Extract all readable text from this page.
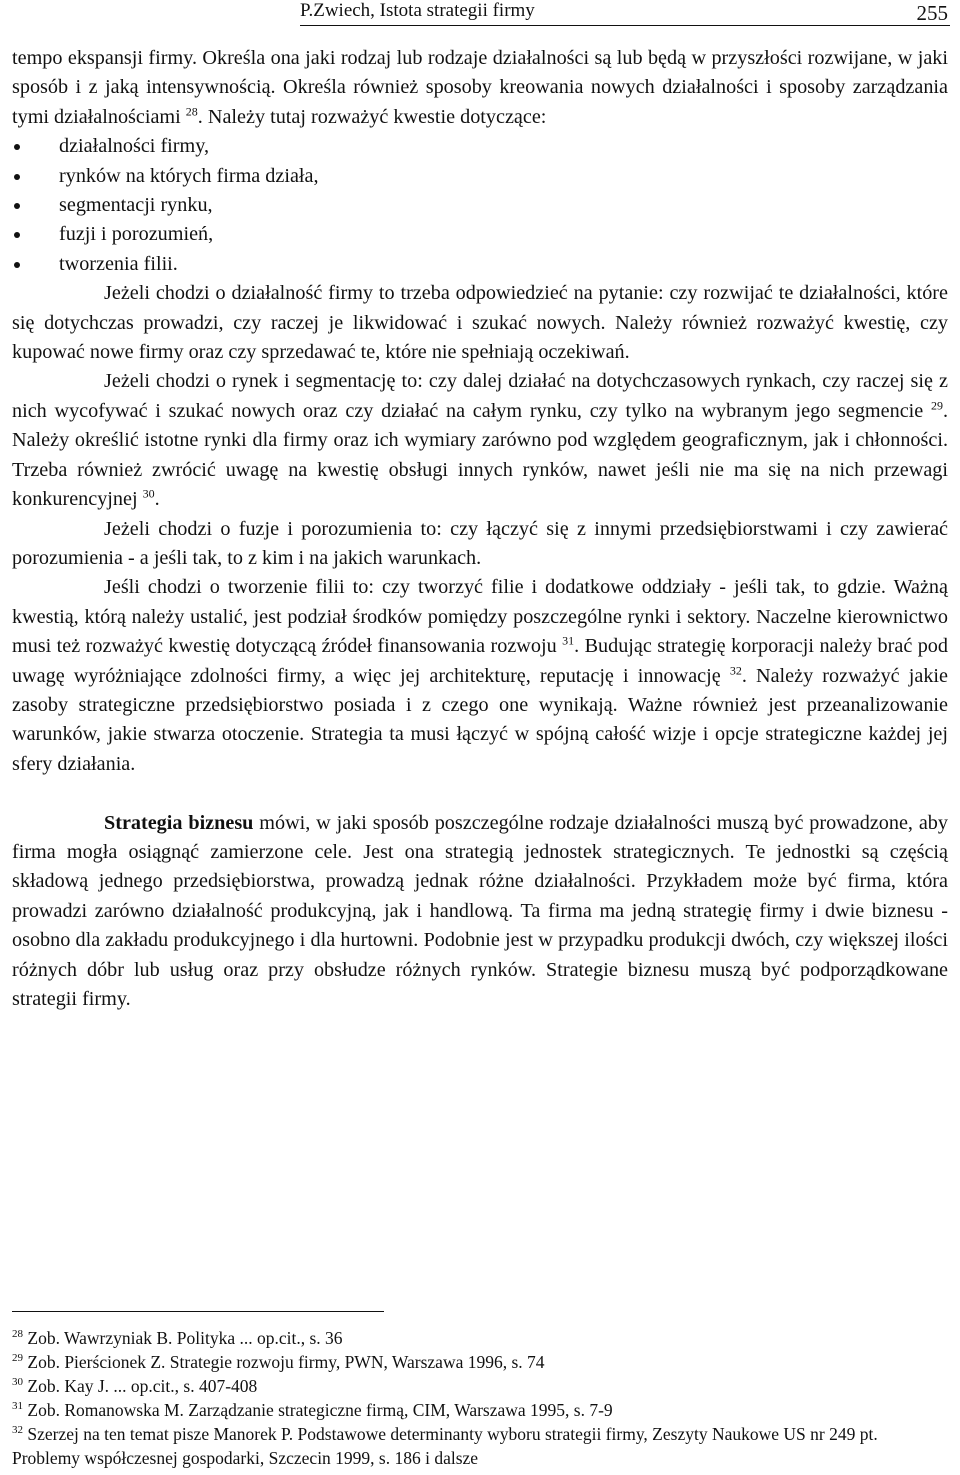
P.Zwiech, Istota strategii firmy	255

tempo ekspansji firmy. Określa ona jaki rodzaj lub rodzaje działalności są lub będą w przyszłości rozwijane, w jaki sposób i z jaką intensywnością. Określa również sposoby kreowania nowych działalności i sposoby zarządzania tymi działalnościami $^{28}$. Należy tutaj rozważyć kwestie dotyczące:

działalności firmy,
rynków na których firma działa,
segmentacji rynku,
fuzji i porozumień,
tworzenia filii.

Jeżeli chodzi o działalność firmy to trzeba odpowiedzieć na pytanie: czy rozwijać te działalności, które się dotychczas prowadzi, czy raczej je likwidować i szukać nowych. Należy również rozważyć kwestię, czy kupować nowe firmy oraz czy sprzedawać te, które nie spełniają oczekiwań.

Jeżeli chodzi o rynek i segmentację to: czy dalej działać na dotychczasowych rynkach, czy raczej się z nich wycofywać i szukać nowych oraz czy działać na całym rynku, czy tylko na wybranym jego segmencie $^{29}$. Należy określić istotne rynki dla firmy oraz ich wymiary zarówno pod względem geograficznym, jak i chłonności. Trzeba również zwrócić uwagę na kwestię obsługi innych rynków, nawet jeśli nie ma się na nich przewagi konkurencyjnej $^{30}$.

Jeżeli chodzi o fuzje i porozumienia to: czy łączyć się z innymi przedsiębiorstwami i czy zawierać porozumienia - a jeśli tak, to z kim i na jakich warunkach.

Jeśli chodzi o tworzenie filii to: czy tworzyć filie i dodatkowe oddziały - jeśli tak, to gdzie. Ważną kwestią, którą należy ustalić, jest podział środków pomiędzy poszczególne rynki i sektory. Naczelne kierownictwo musi też rozważyć kwestię dotyczącą źródeł finansowania rozwoju $^{31}$. Budując strategię korporacji należy brać pod uwagę wyróżniające zdolności firmy, a więc jej architekturę, reputację i innowację $^{32}$. Należy rozważyć jakie zasoby strategiczne przedsiębiorstwo posiada i z czego one wynikają. Ważne również jest przeanalizowanie warunków, jakie stwarza otoczenie. Strategia ta musi łączyć w spójną całość wizje i opcje strategiczne każdej jej sfery działania.

Strategia biznesu mówi, w jaki sposób poszczególne rodzaje działalności muszą być prowadzone, aby firma mogła osiągnąć zamierzone cele. Jest ona strategią jednostek strategicznych. Te jednostki są częścią składową jednego przedsiębiorstwa, prowadzą jednak różne działalności. Przykładem może być firma, która prowadzi zarówno działalność produkcyjną, jak i handlową. Ta firma ma jedną strategię firmy i dwie biznesu - osobno dla zakładu produkcyjnego i dla hurtowni. Podobnie jest w przypadku produkcji dwóch, czy większej ilości różnych dóbr lub usług oraz przy obsłudze różnych rynków. Strategie biznesu muszą być podporządkowane strategii firmy.

$^{28}$ Zob. Wawrzyniak B. Polityka ... op.cit., s. 36

$^{29}$ Zob. Pierścionek Z. Strategie rozwoju firmy, PWN, Warszawa 1996, s. 74

$^{30}$ Zob. Kay J. ... op.cit., s. 407-408

$^{31}$ Zob. Romanowska M. Zarządzanie strategiczne firmą, CIM, Warszawa 1995, s. 7-9

$^{32}$ Szerzej na ten temat pisze Manorek P. Podstawowe determinanty wyboru strategii firmy, Zeszyty Naukowe US nr 249 pt. Problemy współczesnej gospodarki, Szczecin 1999, s. 186 i dalsze
